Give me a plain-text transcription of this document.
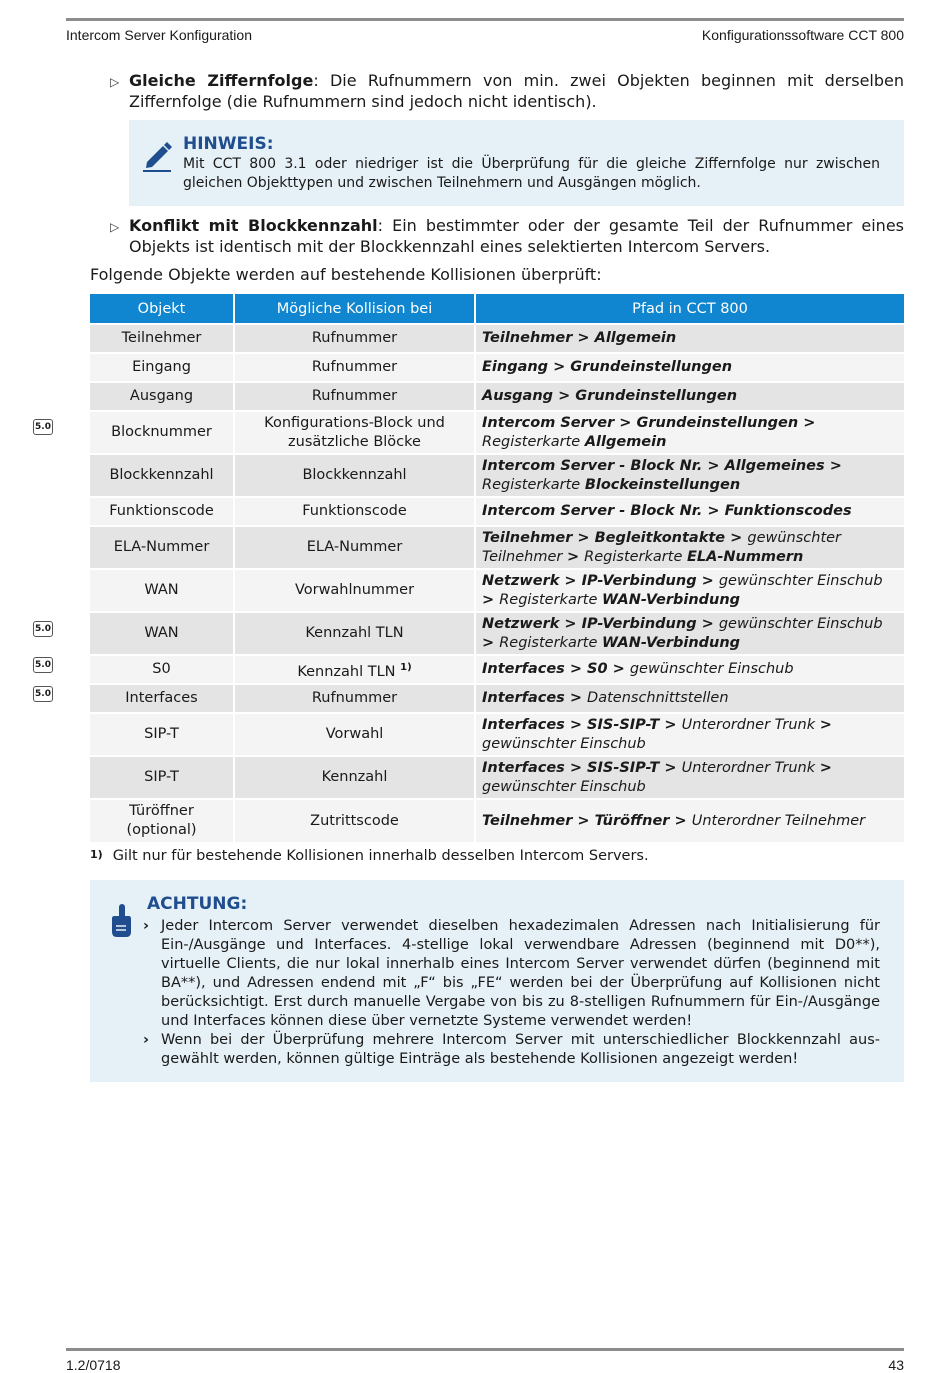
Intercom Server Konfiguration	Konfigurationssoftware CCT 800
▷ Gleiche Ziffernfolge: Die Rufnummern von min. zwei Objekten beginnen mit derselben Ziffernfolge (die Rufnummern sind jedoch nicht identisch).
HINWEIS:
Mit CCT 800 3.1 oder niedriger ist die Überprüfung für die gleiche Ziffernfolge nur zwischen gleichen Objekttypen und zwischen Teilnehmern und Ausgängen möglich.
▷ Konflikt mit Blockkennzahl: Ein bestimmter oder der gesamte Teil der Rufnummer eines Objekts ist identisch mit der Blockkennzahl eines selektierten Intercom Servers.
Folgende Objekte werden auf bestehende Kollisionen überprüft:
Objekt	Mögliche Kollision bei	Pfad in CCT 800
Teilnehmer	Rufnummer	Teilnehmer > Allgemein
Eingang	Rufnummer	Eingang > Grundeinstellungen
Ausgang	Rufnummer	Ausgang > Grundeinstellungen
Blocknummer	Konfigurations-Block und zusätzliche Blöcke	Intercom Server > Grundeinstellungen > Registerkarte Allgemein
Blockkennzahl	Blockkennzahl	Intercom Server - Block Nr. > Allgemeines > Registerkarte Blockeinstellungen
Funktionscode	Funktionscode	Intercom Server - Block Nr. > Funktionscodes
ELA-Nummer	ELA-Nummer	Teilnehmer > Begleitkontakte > gewünschter Teilnehmer > Registerkarte ELA-Nummern
WAN	Vorwahlnummer	Netzwerk > IP-Verbindung > gewünschter Einschub > Registerkarte WAN-Verbindung
WAN	Kennzahl TLN	Netzwerk > IP-Verbindung > gewünschter Einschub > Registerkarte WAN-Verbindung
S0	Kennzahl TLN $^{1)}$	Interfaces > S0 > gewünschter Einschub
Interfaces	Rufnummer	Interfaces > Datenschnittstellen
SIP-T	Vorwahl	Interfaces > SIS-SIP-T > Unterordner Trunk > gewünschter Einschub
SIP-T	Kennzahl	Interfaces > SIS-SIP-T > Unterordner Trunk > gewünschter Einschub
Türöffner (optional)	Zutrittscode	Teilnehmer > Türöffner > Unterordner Teilnehmer
5.0
5.0
5.0
5.0
$^{1)}$ Gilt nur für bestehende Kollisionen innerhalb desselben Intercom Servers.
ACHTUNG:
› Jeder Intercom Server verwendet dieselben hexadezimalen Adressen nach Initialisierung für Ein-/Ausgänge und Interfaces. 4-stellige lokal verwendbare Adressen (beginnend mit D0**), virtuelle Clients, die nur lokal innerhalb eines Intercom Server verwendet dürfen (beginnend mit BA**), und Adressen endend mit „F“ bis „FE“ werden bei der Überprüfung auf Kollisionen nicht berücksichtigt. Erst durch manuelle Vergabe von bis zu 8-stelligen Rufnummern für Ein-/Ausgänge und Interfaces können diese über vernetzte Systeme verwendet werden!
› Wenn bei der Überprüfung mehrere Intercom Server mit unterschiedlicher Blockkennzahl ausgewählt werden, können gültige Einträge als bestehende Kollisionen angezeigt werden!
1.2/0718	43
